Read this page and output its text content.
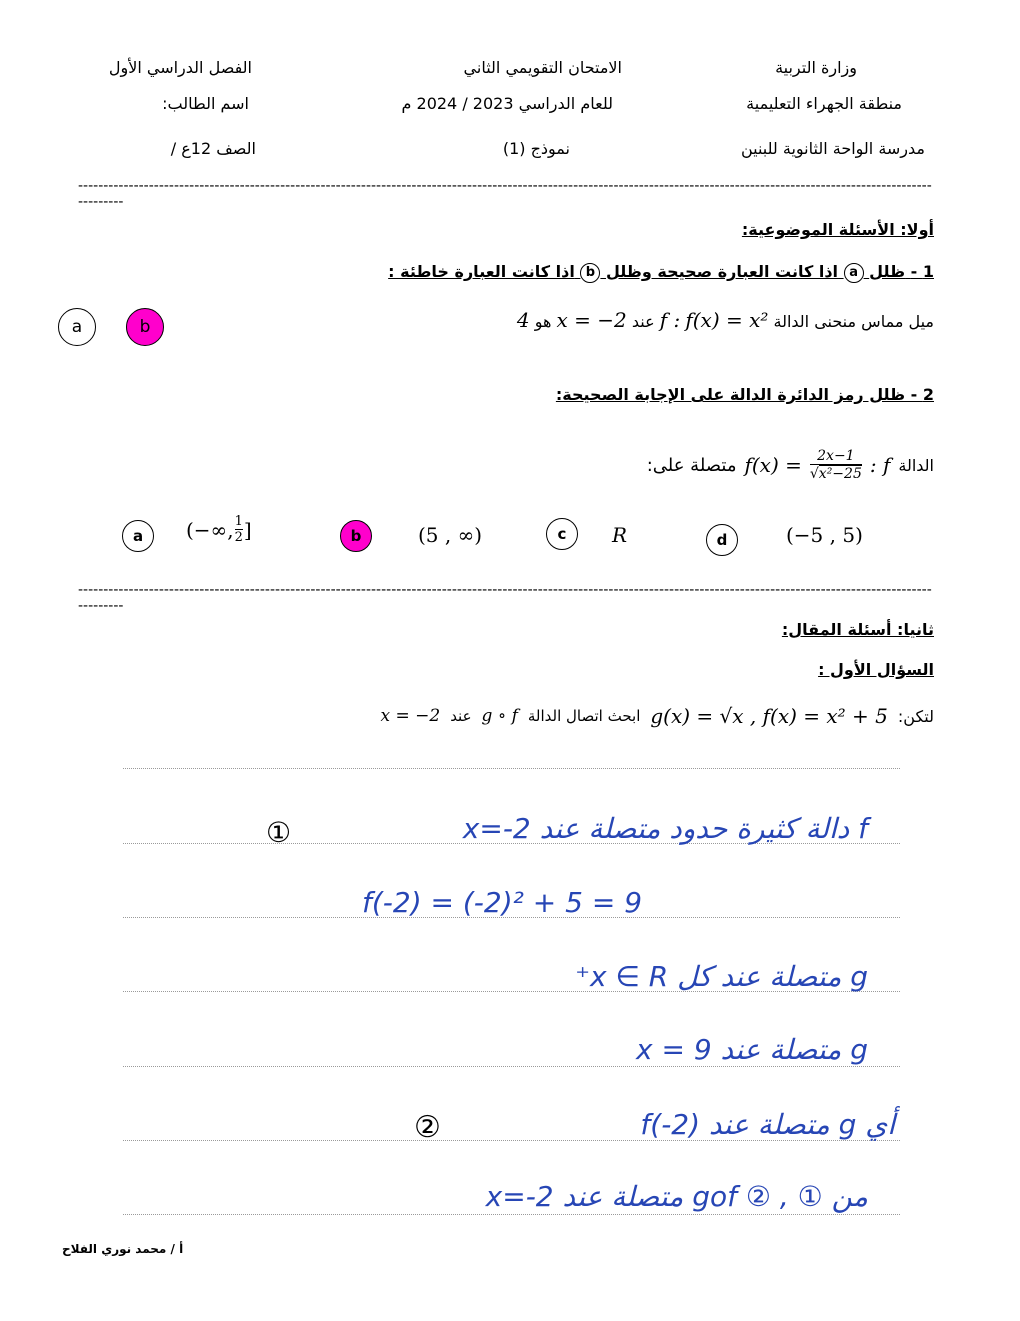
وزارة التربية
منطقة الجهراء التعليمية
مدرسة الواحة الثانوية للبنين
الامتحان التقويمي الثاني
للعام الدراسي 2023 / 2024 م
نموذج (1)
الفصل الدراسي الأول
اسم الطالب:
الصف 12ع /
----------------------------------------------------------------------------------------------------------------------------------------------------------------------------------
أولا: الأسئلة الموضوعية:
1 - ظلل a اذا كانت العبارة صحيحة وظلل b اذا كانت العبارة خاطئة :
ميل مماس منحنى الدالة f : f(x) = x² عند x = −2 هو 4
a	b
2 - ظلل رمز الدائرة الدالة على الإجابة الصحيحة:
الدالة
f :
$\frac{2x-1}{\text{√x²−25}}$
f(x) =
متصلة على:
a	(−∞, $\frac{1}{2}$ ]	b	(5 , ∞)	c	R	d	(−5 , 5)
----------------------------------------------------------------------------------------------------------------------------------------------------------------------------------
ثانيا: أسئلة المقال:
السؤال الأول :
لتكن:
g(x) = √x , f(x) = x² + 5
ابحث اتصال الدالة
g ∘ f
عند
x = −2
f دالة كثيرة حدود متصلة عند x=-2
①
f(-2) = (-2)² + 5 = 9
g متصلة عند كل x ∈ R⁺
g متصلة عند x = 9
أي g متصلة عند f(-2)
②
من ① , ② gof متصلة عند x=-2
أ / محمد نوري الفلاح
